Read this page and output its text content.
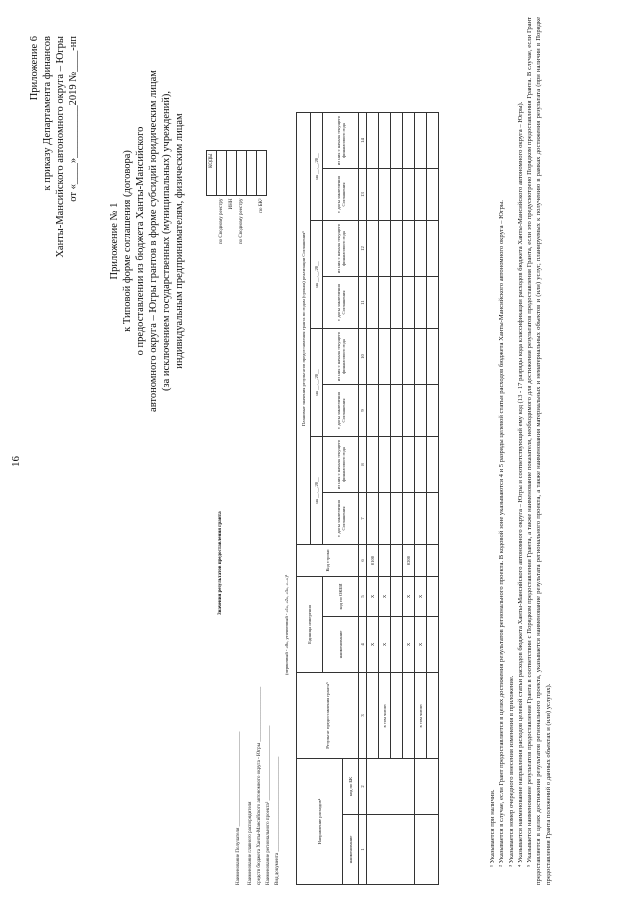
16
Приложение 6 к приказу Департамента финансов Ханты-Мансийского автономного округа – Югры от «____»__________2019 №____-нп
Приложение № 1 к Типовой форме соглашения (договора) о предоставлении из бюджета Ханты-Мансийского автономного округа – Югры грантов в форме субсидий юридическим лицам (за исключением государственных (муниципальных) учреждений), индивидуальным предпринимателям, физическим лицам
Значения результатов предоставления гранта
Наименование Получателя ______________________________________	Наименование главного распорядителя средств бюджета Ханты-Мансийского автономного округа - Югры ______________________ Наименование регионального проекта² ______________________________ Вид документа ______________________________________
(первичный - «0», уточненный - «1», «2», «3», «...»)³
	КОДЫ
по Сводному реестру	
ИНН	
по Сводному реестру	

по БК²	
Направление расходов⁴		Результат предоставления гранта⁵	Единица измерения		Код строки	Плановые значения результатов предоставления гранта по годам (срокам) реализации Соглашения⁶							
						на __.__.20__		на __.__.20__		на __.__.20__		на __.__.20__	
			наименование	код по ОКЕИ		с даты заключения Соглашения	из них с начала текущего финансового года	с даты заключения Соглашения	из них с начала текущего финансового года	с даты заключения Соглашения	из них с начала текущего финансового года	с даты заключения Соглашения	из них с начала текущего финансового года
наименование	код по БК												
1	2	3	4	5	6	7	8	9	10	11	12	13	14
			Х	Х	0100								
		в том числе:	Х	Х									

			Х	Х	0200								
		в том числе:	Х	Х									

¹ Указывается при наличии. ² Указывается в случае, если Грант предоставляется в целях достижения результатов регионального проекта. В кодовой зоне указываются 4 и 5 разряды целевой статьи расходов бюджета Ханты-Мансийского автономного округа – Югры. ³ Указывается номер очередного внесения изменения в приложение. ⁴ Указывается наименование направления расходов целевой статьи расходов бюджета Ханты-Мансийского автономного округа – Югры и соответствующий ему код (13 - 17 разряды кода классификации расходов бюджета Ханты-Мансийского автономного округа – Югры). ⁵ Указывается наименование результатов предоставления Гранта в соответствии с Порядком предоставления Гранта, а также наименование показателя, необходимого для достижения результатов предоставления Гранта, если это предусмотрено Порядком предоставления Гранта. В случае, если Грант предоставляется в целях достижения результатов регионального проекта, указывается наименование результата регионального проекта, а также наименования материальных и нематериальных объектов и (или) услуг, планируемых к получению в рамках достижения результата (при наличии в Порядке предоставления Гранта положений о данных объектах и (или) услугах).
